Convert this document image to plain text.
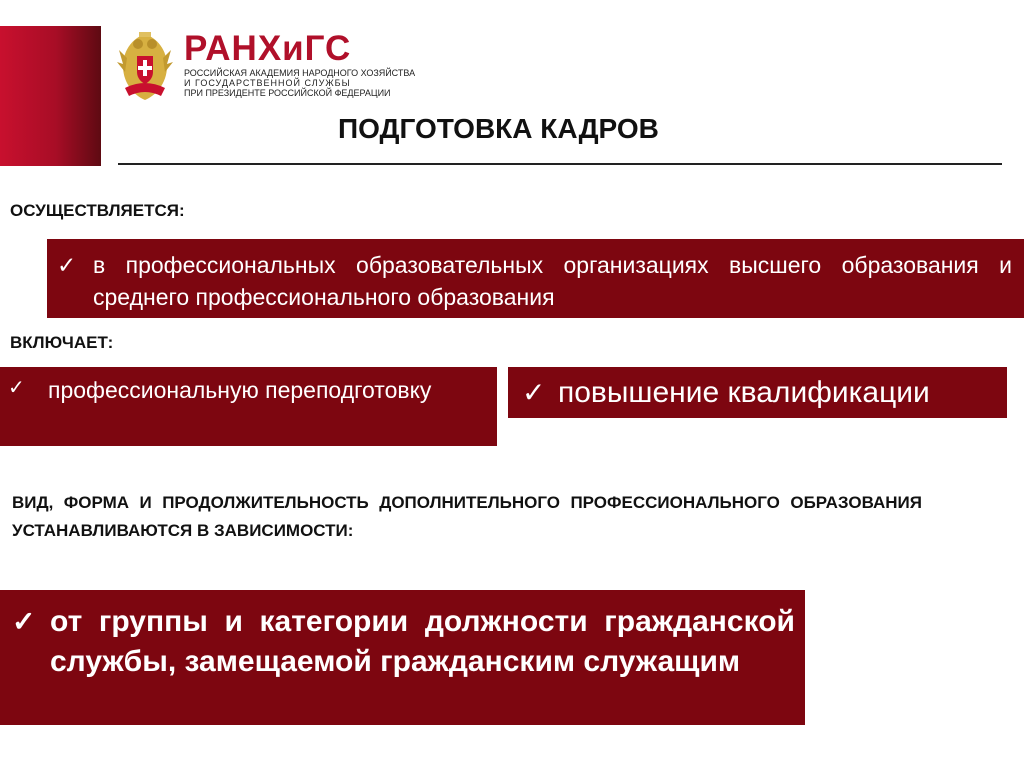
РАНХиГС
РОССИЙСКАЯ АКАДЕМИЯ НАРОДНОГО ХОЗЯЙСТВА
И ГОСУДАРСТВЕННОЙ СЛУЖБЫ
ПРИ ПРЕЗИДЕНТЕ РОССИЙСКОЙ ФЕДЕРАЦИИ
ПОДГОТОВКА КАДРОВ
ОСУЩЕСТВЛЯЕТСЯ:
✓ в профессиональных образовательных организациях высшего образования и среднего профессионального образования
ВКЛЮЧАЕТ:
✓	профессиональную переподготовку	✓ повышение квалификации
ВИД, ФОРМА И ПРОДОЛЖИТЕЛЬНОСТЬ ДОПОЛНИТЕЛЬНОГО ПРОФЕССИОНАЛЬНОГО ОБРАЗОВАНИЯ УСТАНАВЛИВАЮТСЯ В ЗАВИСИМОСТИ:
✓ от группы и категории должности гражданской службы, замещаемой гражданским служащим
